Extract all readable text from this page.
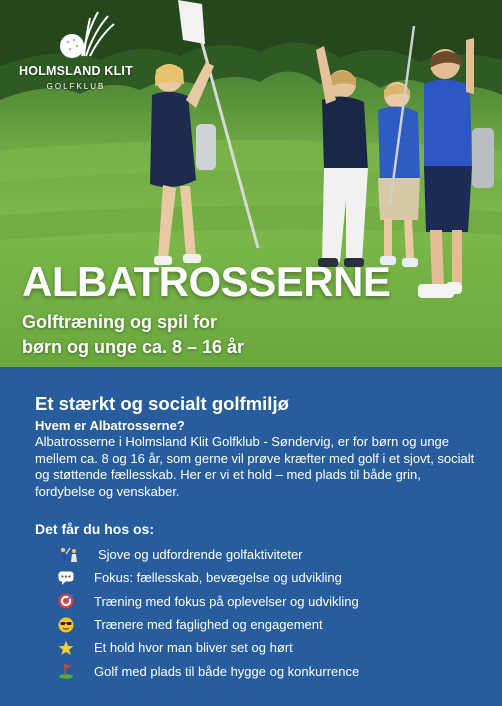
HOLMSLAND KLIT
GOLFKLUB
ALBATROSSERNE

Golftræning og spil for
børn og unge ca. 8 – 16 år

Et stærkt og socialt golfmiljø

Hvem er Albatrosserne?

Albatrosserne i Holmsland Klit Golfklub - Søndervig, er for børn og unge mellem ca. 8 og 16 år, som gerne vil prøve kræfter med golf i et sjovt, socialt og støttende fællesskab. Her er vi et hold – med plads til både grin, fordybelse og venskaber.

Det får du hos os:

Sjove og udfordrende golfaktiviteter
Fokus: fællesskab, bevægelse og udvikling
Træning med fokus på oplevelser og udvikling
Trænere med faglighed og engagement
Et hold hvor man bliver set og hørt
Golf med plads til både hygge og konkurrence
